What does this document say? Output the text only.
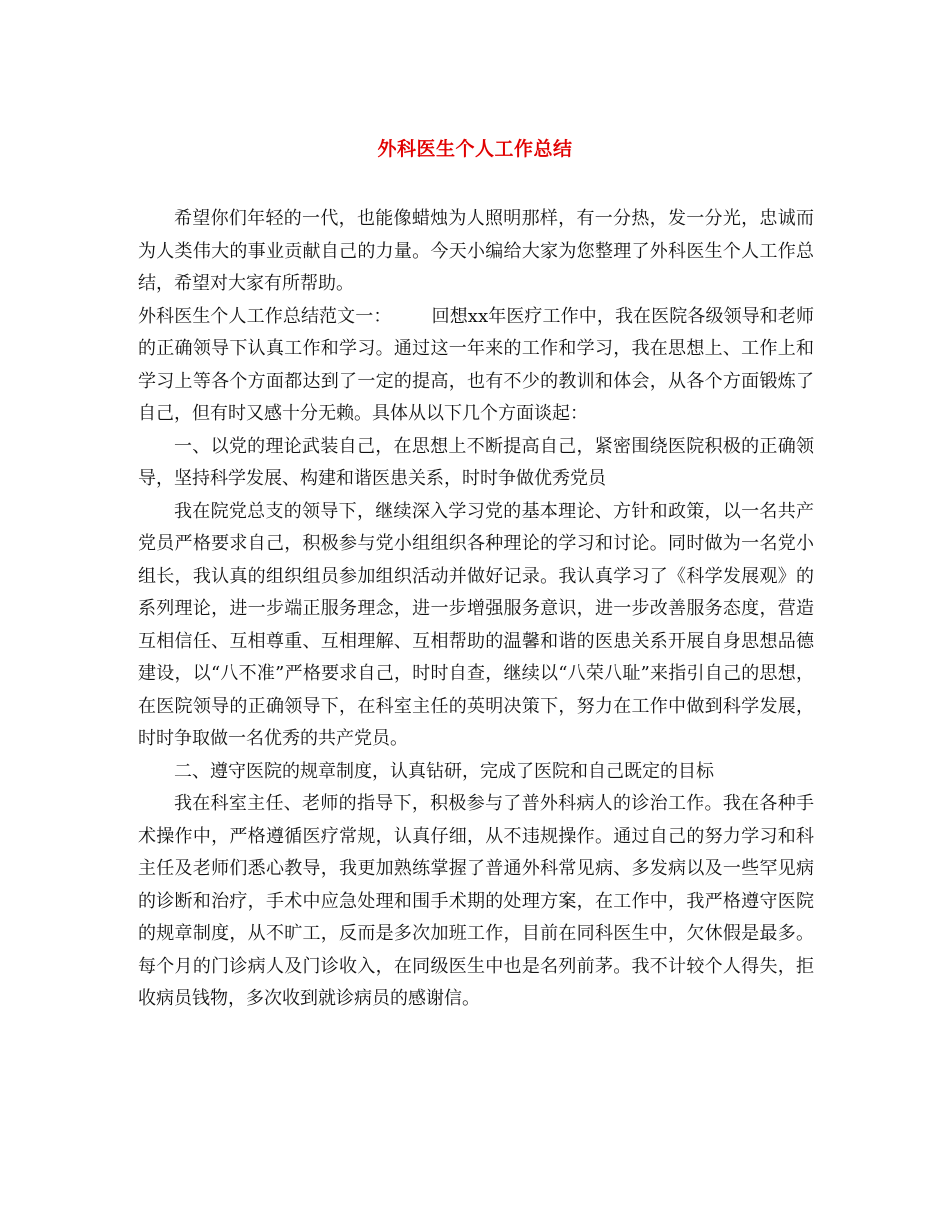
外科医生个人工作总结

希望你们年轻的一代，也能像蜡烛为人照明那样，有一分热，发一分光，忠诚而为人类伟大的事业贡献自己的力量。今天小编给大家为您整理了外科医生个人工作总结，希望对大家有所帮助。

外科医生个人工作总结范文一： 回想xx年医疗工作中，我在医院各级领导和老师的正确领导下认真工作和学习。通过这一年来的工作和学习，我在思想上、工作上和学习上等各个方面都达到了一定的提高，也有不少的教训和体会，从各个方面锻炼了自己，但有时又感十分无赖。具体从以下几个方面谈起：

一、以党的理论武装自己，在思想上不断提高自己，紧密围绕医院积极的正确领导，坚持科学发展、构建和谐医患关系，时时争做优秀党员

我在院党总支的领导下，继续深入学习党的基本理论、方针和政策，以一名共产党员严格要求自己，积极参与党小组组织各种理论的学习和讨论。同时做为一名党小组长，我认真的组织组员参加组织活动并做好记录。我认真学习了《科学发展观》的系列理论，进一步端正服务理念，进一步增强服务意识，进一步改善服务态度，营造互相信任、互相尊重、互相理解、互相帮助的温馨和谐的医患关系开展自身思想品德建设，以“八不准”严格要求自己，时时自查，继续以“八荣八耻”来指引自己的思想，在医院领导的正确领导下，在科室主任的英明决策下，努力在工作中做到科学发展，时时争取做一名优秀的共产党员。

二、遵守医院的规章制度，认真钻研，完成了医院和自己既定的目标

我在科室主任、老师的指导下，积极参与了普外科病人的诊治工作。我在各种手术操作中，严格遵循医疗常规，认真仔细，从不违规操作。通过自己的努力学习和科主任及老师们悉心教导，我更加熟练掌握了普通外科常见病、多发病以及一些罕见病的诊断和治疗，手术中应急处理和围手术期的处理方案，在工作中，我严格遵守医院的规章制度，从不旷工，反而是多次加班工作，目前在同科医生中，欠休假是最多。每个月的门诊病人及门诊收入，在同级医生中也是名列前茅。我不计较个人得失，拒收病员钱物，多次收到就诊病员的感谢信。
